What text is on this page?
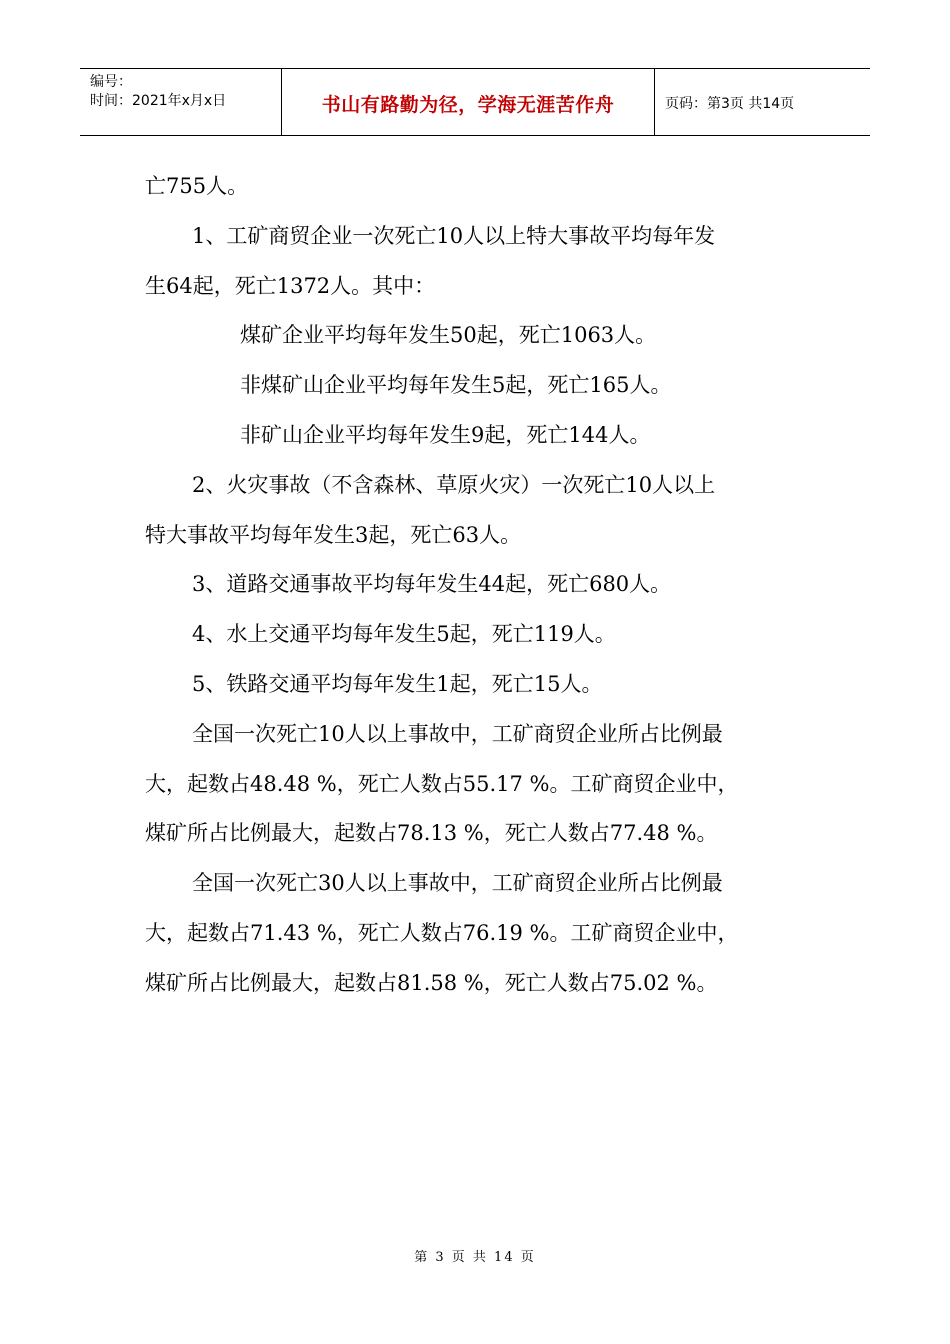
编号：
时间：2021年x月x日	书山有路勤为径，学海无涯苦作舟	页码：第3页 共14页

亡755人。

1、工矿商贸企业一次死亡10人以上特大事故平均每年发

生64起，死亡1372人。其中：

煤矿企业平均每年发生50起，死亡1063人。

非煤矿山企业平均每年发生5起，死亡165人。

非矿山企业平均每年发生9起，死亡144人。

2、火灾事故（不含森林、草原火灾）一次死亡10人以上

特大事故平均每年发生3起，死亡63人。

3、道路交通事故平均每年发生44起，死亡680人。

4、水上交通平均每年发生5起，死亡119人。

5、铁路交通平均每年发生1起，死亡15人。

全国一次死亡10人以上事故中，工矿商贸企业所占比例最

大，起数占48.48 %，死亡人数占55.17 %。工矿商贸企业中，

煤矿所占比例最大，起数占78.13 %，死亡人数占77.48 %。

全国一次死亡30人以上事故中，工矿商贸企业所占比例最

大，起数占71.43 %，死亡人数占76.19 %。工矿商贸企业中，

煤矿所占比例最大，起数占81.58 %，死亡人数占75.02 %。

第 3 页 共 14 页
